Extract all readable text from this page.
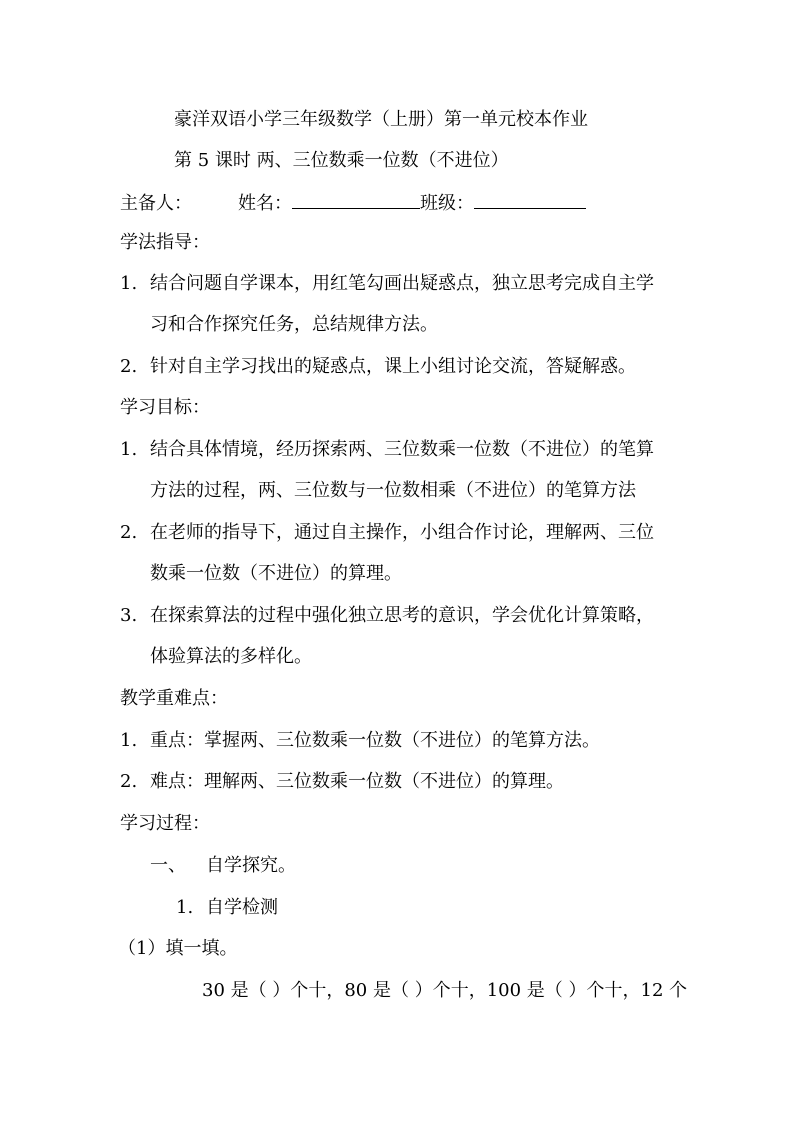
豪洋双语小学三年级数学（上册）第一单元校本作业
第 5 课时 两、三位数乘一位数（不进位）
主备人：	姓名：	班级：
学法指导：
1. 结合问题自学课本，用红笔勾画出疑惑点，独立思考完成自主学
习和合作探究任务，总结规律方法。
2. 针对自主学习找出的疑惑点，课上小组讨论交流，答疑解惑。
学习目标：
1. 结合具体情境，经历探索两、三位数乘一位数（不进位）的笔算
方法的过程，两、三位数与一位数相乘（不进位）的笔算方法
2. 在老师的指导下，通过自主操作，小组合作讨论，理解两、三位
数乘一位数（不进位）的算理。
3. 在探索算法的过程中强化独立思考的意识，学会优化计算策略，
体验算法的多样化。
教学重难点：
1. 重点：掌握两、三位数乘一位数（不进位）的笔算方法。
2. 难点：理解两、三位数乘一位数（不进位）的算理。
学习过程：
一、 自学探究。
1. 自学检测
（1）填一填。
30 是（ ）个十，80 是（ ）个十，100 是（ ）个十，12 个
